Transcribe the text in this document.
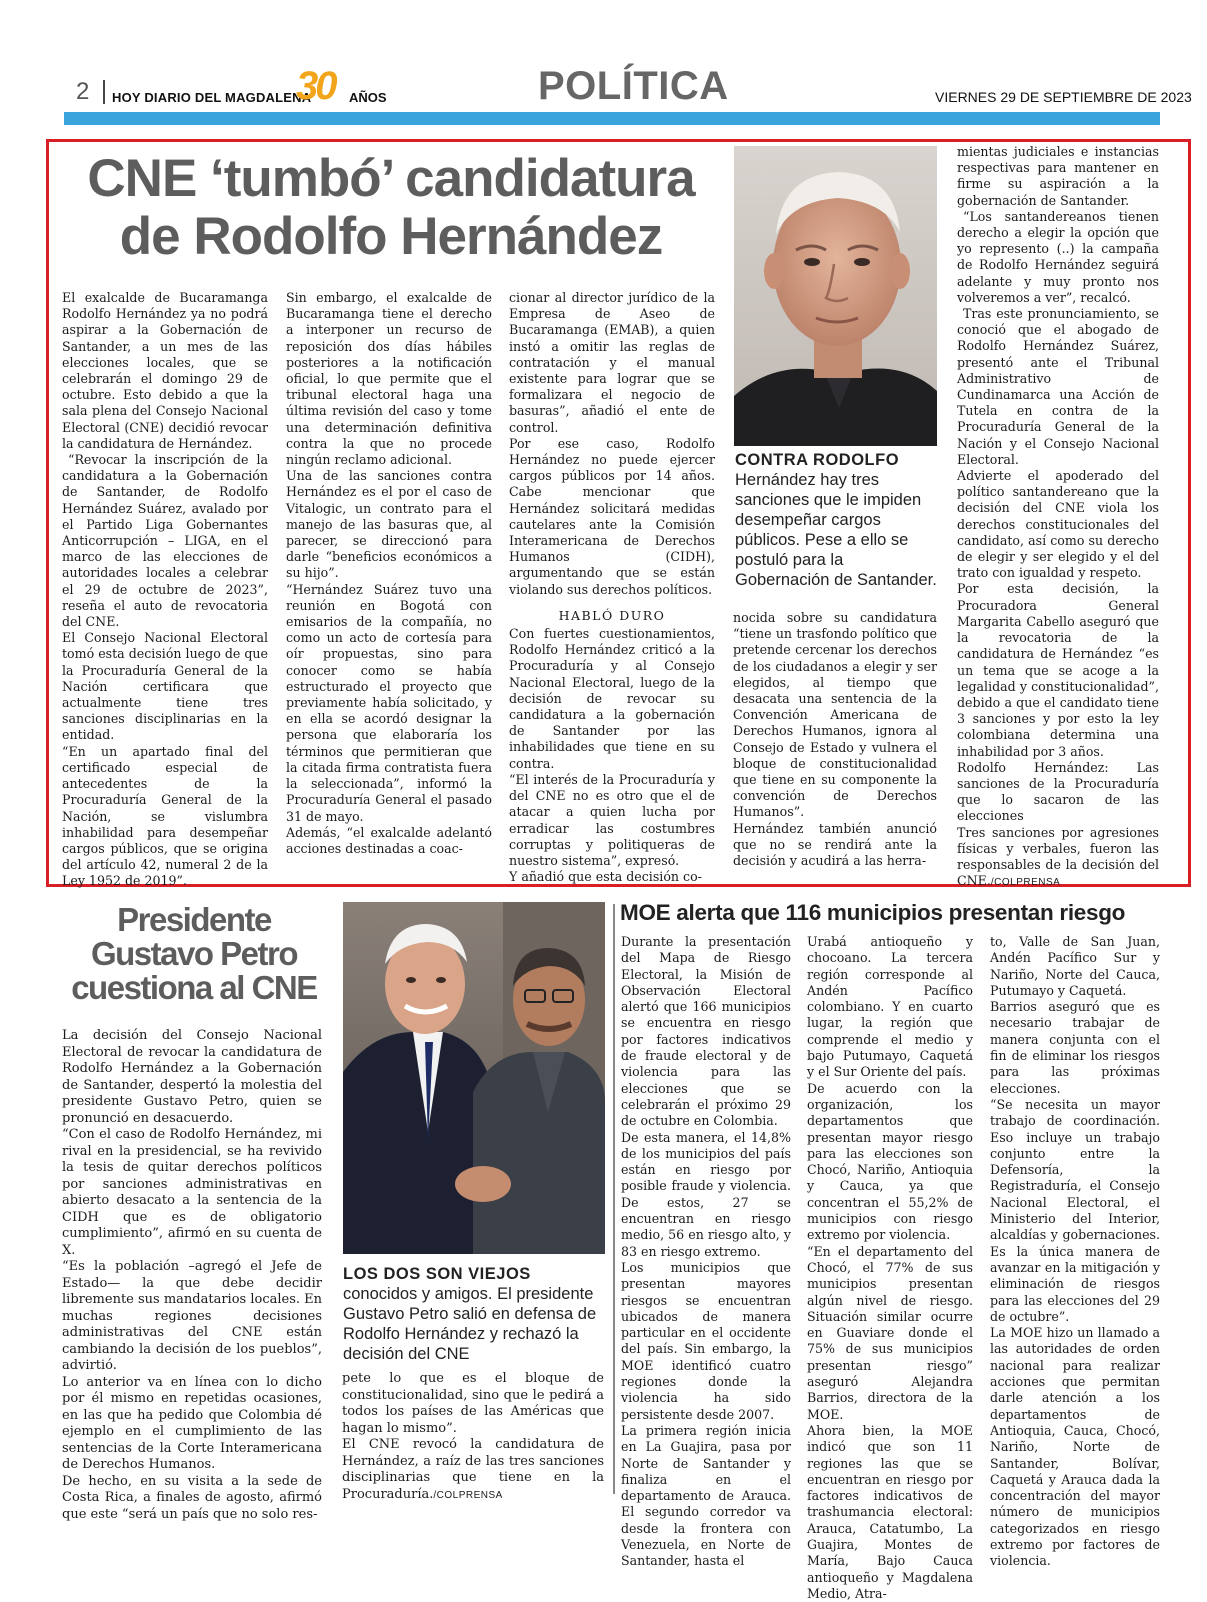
2 HOY DIARIO DEL MAGDALENA
30 AÑOS	POLÍTICA	VIERNES 29 DE SEPTIEMBRE DE 2023
CNE ‘tumbó’ candidatura
de Rodolfo Hernández

El exalcalde de Bucaramanga Rodolfo Hernández ya no podrá aspirar a la Gobernación de Santander, a un mes de las elecciones locales, que se celebrarán el domingo 29 de octubre. Esto debido a que la sala plena del Consejo Nacional Electoral (CNE) decidió revocar la candidatura de Hernández.

“Revocar la inscripción de la candidatura a la Gobernación de Santander, de Rodolfo Hernández Suárez, avalado por el Partido Liga Gobernantes Anticorrupción – LIGA, en el marco de las elecciones de autoridades locales a celebrar el 29 de octubre de 2023”, reseña el auto de revocatoria del CNE.

El Consejo Nacional Electoral tomó esta decisión luego de que la Procuraduría General de la Nación certificara que actualmente tiene tres sanciones disciplinarias en la entidad.

“En un apartado final del certificado especial de antecedentes de la Procuraduría General de la Nación, se vislumbra inhabilidad para desempeñar cargos públicos, que se origina del artículo 42, numeral 2 de la Ley 1952 de 2019”.

Sin embargo, el exalcalde de Bucaramanga tiene el derecho a interponer un recurso de reposición dos días hábiles posteriores a la notificación oficial, lo que permite que el tribunal electoral haga una última revisión del caso y tome una determinación definitiva contra la que no procede ningún reclamo adicional.

Una de las sanciones contra Hernández es el por el caso de Vitalogic, un contrato para el manejo de las basuras que, al parecer, se direccionó para darle “beneficios económicos a su hijo”.

“Hernández Suárez tuvo una reunión en Bogotá con emisarios de la compañía, no como un acto de cortesía para oír propuestas, sino para conocer como se había estructurado el proyecto que previamente había solicitado, y en ella se acordó designar la persona que elaboraría los términos que permitieran que la citada firma contratista fuera la seleccionada”, informó la Procuraduría General el pasado 31 de mayo.

Además, “el exalcalde adelantó acciones destinadas a coac-

cionar al director jurídico de la Empresa de Aseo de Bucaramanga (EMAB), a quien instó a omitir las reglas de contratación y el manual existente para lograr que se formalizara el negocio de basuras”, añadió el ente de control.

Por ese caso, Rodolfo Hernández no puede ejercer cargos públicos por 14 años. Cabe mencionar que Hernández solicitará medidas cautelares ante la Comisión Interamericana de Derechos Humanos (CIDH), argumentando que se están violando sus derechos políticos.

HABLÓ DURO

Con fuertes cuestionamientos, Rodolfo Hernández criticó a la Procuraduría y al Consejo Nacional Electoral, luego de la decisión de revocar su candidatura a la gobernación de Santander por las inhabilidades que tiene en su contra.

“El interés de la Procuraduría y del CNE no es otro que el de atacar a quien lucha por erradicar las costumbres corruptas y politiqueras de nuestro sistema”, expresó.

Y añadió que esta decisión co-

CONTRA RODOLFO
Hernández hay tres sanciones que le impiden desempeñar cargos públicos. Pese a ello se postuló para la Gobernación de Santander.

nocida sobre su candidatura “tiene un trasfondo político que pretende cercenar los derechos de los ciudadanos a elegir y ser elegidos, al tiempo que desacata una sentencia de la Convención Americana de Derechos Humanos, ignora al Consejo de Estado y vulnera el bloque de constitucionalidad que tiene en su componente la convención de Derechos Humanos”.

Hernández también anunció que no se rendirá ante la decisión y acudirá a las herra-

mientas judiciales e instancias respectivas para mantener en firme su aspiración a la gobernación de Santander.

“Los santandereanos tienen derecho a elegir la opción que yo represento (..) la campaña de Rodolfo Hernández seguirá adelante y muy pronto nos volveremos a ver”, recalcó.

Tras este pronunciamiento, se conoció que el abogado de Rodolfo Hernández Suárez, presentó ante el Tribunal Administrativo de Cundinamarca una Acción de Tutela en contra de la Procuraduría General de la Nación y el Consejo Nacional Electoral.

Advierte el apoderado del político santandereano que la decisión del CNE viola los derechos constitucionales del candidato, así como su derecho de elegir y ser elegido y el del trato con igualdad y respeto.

Por esta decisión, la Procuradora General Margarita Cabello aseguró que la revocatoria de la candidatura de Hernández “es un tema que se acoge a la legalidad y constitucionalidad”, debido a que el candidato tiene 3 sanciones y por esto la ley colombiana determina una inhabilidad por 3 años.

Rodolfo Hernández: Las sanciones de la Procuraduría que lo sacaron de las elecciones

Tres sanciones por agresiones físicas y verbales, fueron las responsables de la decisión del CNE./COLPRENSA

Presidente
Gustavo Petro
cuestiona al CNE

La decisión del Consejo Nacional Electoral de revocar la candidatura de Rodolfo Hernández a la Gobernación de Santander, despertó la molestia del presidente Gustavo Petro, quien se pronunció en desacuerdo.

“Con el caso de Rodolfo Hernández, mi rival en la presidencial, se ha revivido la tesis de quitar derechos políticos por sanciones administrativas en abierto desacato a la sentencia de la CIDH que es de obligatorio cumplimiento”, afirmó en su cuenta de X.

“Es la población –agregó el Jefe de Estado— la que debe decidir libremente sus mandatarios locales. En muchas regiones decisiones administrativas del CNE están cambiando la decisión de los pueblos”, advirtió.

Lo anterior va en línea con lo dicho por él mismo en repetidas ocasiones, en las que ha pedido que Colombia dé ejemplo en el cumplimiento de las sentencias de la Corte Interamericana de Derechos Humanos.

De hecho, en su visita a la sede de Costa Rica, a finales de agosto, afirmó que este “será un país que no solo res-

LOS DOS SON VIEJOS conocidos y amigos. El presidente Gustavo Petro salió en defensa de Rodolfo Hernández y rechazó la decisión del CNE

pete lo que es el bloque de constitucionalidad, sino que le pedirá a todos los países de las Américas que hagan lo mismo”.

El CNE revocó la candidatura de Hernández, a raíz de las tres sanciones disciplinarias que tiene en la Procuraduría./COLPRENSA

MOE alerta que 116 municipios presentan riesgo

Durante la presentación del Mapa de Riesgo Electoral, la Misión de Observación Electoral alertó que 166 municipios se encuentra en riesgo por factores indicativos de fraude electoral y de violencia para las elecciones que se celebrarán el próximo 29 de octubre en Colombia.

De esta manera, el 14,8% de los municipios del país están en riesgo por posible fraude y violencia. De estos, 27 se encuentran en riesgo medio, 56 en riesgo alto, y 83 en riesgo extremo.

Los municipios que presentan mayores riesgos se encuentran ubicados de manera particular en el occidente del país. Sin embargo, la MOE identificó cuatro regiones donde la violencia ha sido persistente desde 2007.

La primera región inicia en La Guajira, pasa por Norte de Santander y finaliza en el departamento de Arauca. El segundo corredor va desde la frontera con Venezuela, en Norte de Santander, hasta el

Urabá antioqueño y chocoano. La tercera región corresponde al Andén Pacífico colombiano. Y en cuarto lugar, la región que comprende el medio y bajo Putumayo, Caquetá y el Sur Oriente del país.

De acuerdo con la organización, los departamentos que presentan mayor riesgo para las elecciones son Chocó, Nariño, Antioquia y Cauca, ya que concentran el 55,2% de municipios con riesgo extremo por violencia.

“En el departamento del Chocó, el 77% de sus municipios presentan algún nivel de riesgo. Situación similar ocurre en Guaviare donde el 75% de sus municipios presentan riesgo” aseguró Alejandra Barrios, directora de la MOE.

Ahora bien, la MOE indicó que son 11 regiones las que se encuentran en riesgo por factores indicativos de trashumancia electoral: Arauca, Catatumbo, La Guajira, Montes de María, Bajo Cauca antioqueño y Magdalena Medio, Atra-

to, Valle de San Juan, Andén Pacífico Sur y Nariño, Norte del Cauca, Putumayo y Caquetá.

Barrios aseguró que es necesario trabajar de manera conjunta con el fin de eliminar los riesgos para las próximas elecciones.

“Se necesita un mayor trabajo de coordinación. Eso incluye un trabajo conjunto entre la Defensoría, la Registraduría, el Consejo Nacional Electoral, el Ministerio del Interior, alcaldías y gobernaciones. Es la única manera de avanzar en la mitigación y eliminación de riesgos para las elecciones del 29 de octubre”.

La MOE hizo un llamado a las autoridades de orden nacional para realizar acciones que permitan darle atención a los departamentos de Antioquia, Cauca, Chocó, Nariño, Norte de Santander, Bolívar, Caquetá y Arauca dada la concentración del mayor número de municipios categorizados en riesgo extremo por factores de violencia.
